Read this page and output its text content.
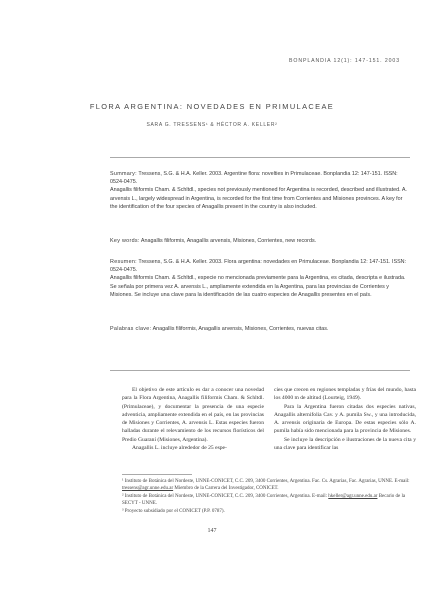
BONPLANDIA 12(1): 147-151. 2003
FLORA ARGENTINA: NOVEDADES EN PRIMULACEAE
SARA G. TRESSENS¹ & HÉCTOR A. KELLER²

Summary: Tressens, S.G. & H.A. Keller. 2003. Argentine flora: novelties in Primulaceae. Bonplandia 12: 147-151. ISSN: 0524-0475.

Anagallis filiformis Cham. & Schltdl., species not previously mentioned for Argentina is recorded, described and illustrated. A. arvensis L., largely widespread in Argentina, is recorded for the first time from Corrientes and Misiones provinces. A key for the identification of the four species of Anagallis present in the country is also included.

Key words: Anagallis filiformis, Anagallis arvensis, Misiones, Corrientes, new records.

Resumen: Tressens, S.G. & H.A. Keller. 2003. Flora argentina: novedades en Primulaceae. Bonplandia 12: 147-151. ISSN: 0524-0475.

Anagallis filiformis Cham. & Schltdl., especie no mencionada previamente para la Argentina, es citada, descripta e ilustrada. Se señala por primera vez A. arvensis L., ampliamente extendida en la Argentina, para las provincias de Corrientes y Misiones. Se incluye una clave para la identificación de las cuatro especies de Anagallis presentes en el país.

Palabras clave: Anagallis filiformis, Anagallis arvensis, Misiones, Corrientes, nuevas citas.

El objetivo de este artículo es dar a conocer una novedad para la Flora Argentina, Anagallis filiformis Cham. & Schltdl. (Primulaceae), y documentar la presencia de una especie adventicia, ampliamente extendida en el país, en las provincias de Misiones y Corrientes, A. arvensis L. Estas especies fueron halladas durante el relevamiento de los recursos florísticos del Predio Guaraní (Misiones, Argentina).

Anagallis L. incluye alrededor de 25 espe-

cies que crecen en regiones templadas y frías del mundo, hasta los 4000 m de altitud (Lourteig, 1949).

Para la Argentina fueron citadas dos especies nativas, Anagallis alternifolia Cav. y A. pumila Sw., y una introducida, A. arvensis originaria de Europa. De estas especies sólo A. pumila había sido mencionada para la provincia de Misiones.

Se incluye la descripción e ilustraciones de la nueva cita y una clave para identificar las

¹ Instituto de Botánica del Nordeste, UNNE-CONICET, C.C. 209, 3400 Corrientes, Argentina. Fac. Cs. Agrarias, Fac. Agrarias, UNNE. E-mail: tressens@agr.unne.edu.ar Miembro de la Carrera del Investigador, CONICET.

² Instituto de Botánica del Nordeste, UNNE-CONICET, C.C. 209, 3400 Corrientes, Argentina. E-mail: hkeller@agr.unne.edu.ar Becario de la SECYT - UNNE.

³ Proyecto subsidiado por el CONICET (P.P. 0787).

147
